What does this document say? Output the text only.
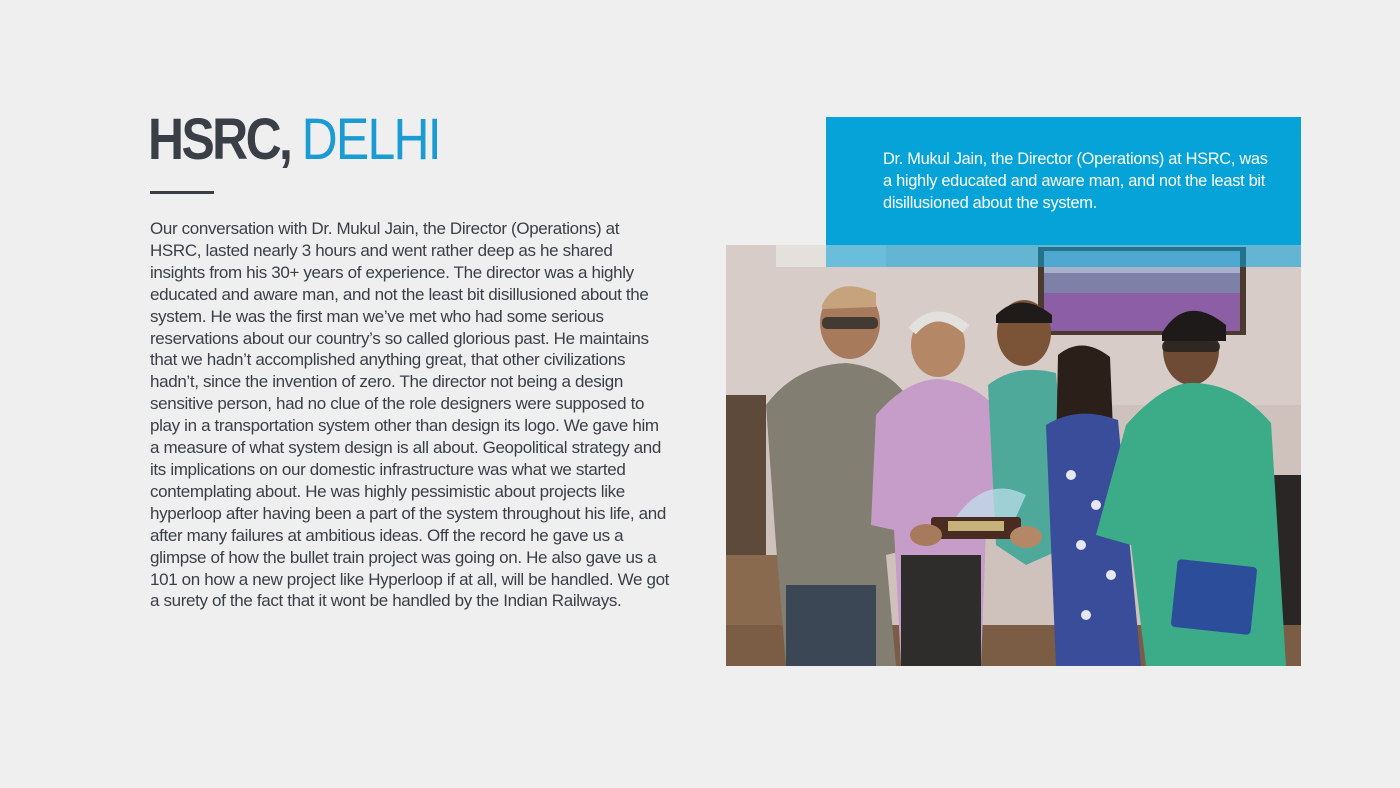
HSRC, DELHI

Our conversation with Dr. Mukul Jain, the Director (Operations) at HSRC, lasted nearly 3 hours and went rather deep as he shared insights from his 30+ years of experience. The director was a highly educated and aware man, and not the least bit disillusioned about the system. He was the first man we’ve met who had some serious reservations about our country’s so called glorious past. He maintains that we hadn’t accomplished anything great, that other civilizations hadn’t, since the invention of zero. The director not being a design sensitive person, had no clue of the role designers were supposed to play in a transportation system other than design its logo. We gave him a measure of what system design is all about. Geopolitical strategy and its implications on our domestic infrastructure was what we started contemplating about. He was highly pessimistic about projects like hyperloop after having been a part of the system throughout his life, and after many failures at ambitious ideas. Off the record he gave us a glimpse of how the bullet train project was going on. He also gave us a 101 on how a new project like Hyperloop if at all, will be handled. We got a surety of the fact that it wont be handled by the Indian Railways.

Dr. Mukul Jain, the Director (Operations) at HSRC, was a highly educated and aware man, and not the least bit disillusioned about the system.
